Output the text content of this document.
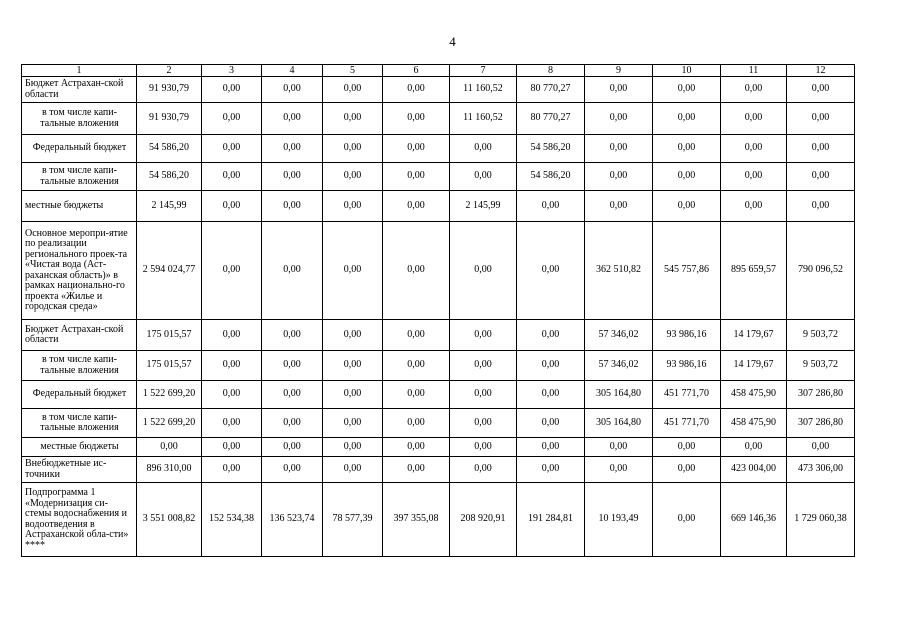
4
1	2	3	4	5	6	7	8	9	10	11	12
Бюджет Астрахан-ской области	91 930,79	0,00	0,00	0,00	0,00	11 160,52	80 770,27	0,00	0,00	0,00	0,00
в том числе капи-тальные вложения	91 930,79	0,00	0,00	0,00	0,00	11 160,52	80 770,27	0,00	0,00	0,00	0,00
Федеральный бюджет	54 586,20	0,00	0,00	0,00	0,00	0,00	54 586,20	0,00	0,00	0,00	0,00
в том числе капи-тальные вложения	54 586,20	0,00	0,00	0,00	0,00	0,00	54 586,20	0,00	0,00	0,00	0,00
местные бюджеты	2 145,99	0,00	0,00	0,00	0,00	2 145,99	0,00	0,00	0,00	0,00	0,00
Основное меропри-ятие по реализации регионального проек-та «Чистая вода (Аст-раханская область)» в рамках национально-го проекта «Жилье и городская среда»	2 594 024,77	0,00	0,00	0,00	0,00	0,00	0,00	362 510,82	545 757,86	895 659,57	790 096,52
Бюджет Астрахан-ской области	175 015,57	0,00	0,00	0,00	0,00	0,00	0,00	57 346,02	93 986,16	14 179,67	9 503,72
в том числе капи-тальные вложения	175 015,57	0,00	0,00	0,00	0,00	0,00	0,00	57 346,02	93 986,16	14 179,67	9 503,72
Федеральный бюджет	1 522 699,20	0,00	0,00	0,00	0,00	0,00	0,00	305 164,80	451 771,70	458 475,90	307 286,80
в том числе капи-тальные вложения	1 522 699,20	0,00	0,00	0,00	0,00	0,00	0,00	305 164,80	451 771,70	458 475,90	307 286,80
местные бюджеты	0,00	0,00	0,00	0,00	0,00	0,00	0,00	0,00	0,00	0,00	0,00
Внебюджетные ис-точники	896 310,00	0,00	0,00	0,00	0,00	0,00	0,00	0,00	0,00	423 004,00	473 306,00
Подпрограмма 1 «Модернизация си-стемы водоснабжения и водоотведения в Астраханской обла-сти» ****	3 551 008,82	152 534,38	136 523,74	78 577,39	397 355,08	208 920,91	191 284,81	10 193,49	0,00	669 146,36	1 729 060,38
